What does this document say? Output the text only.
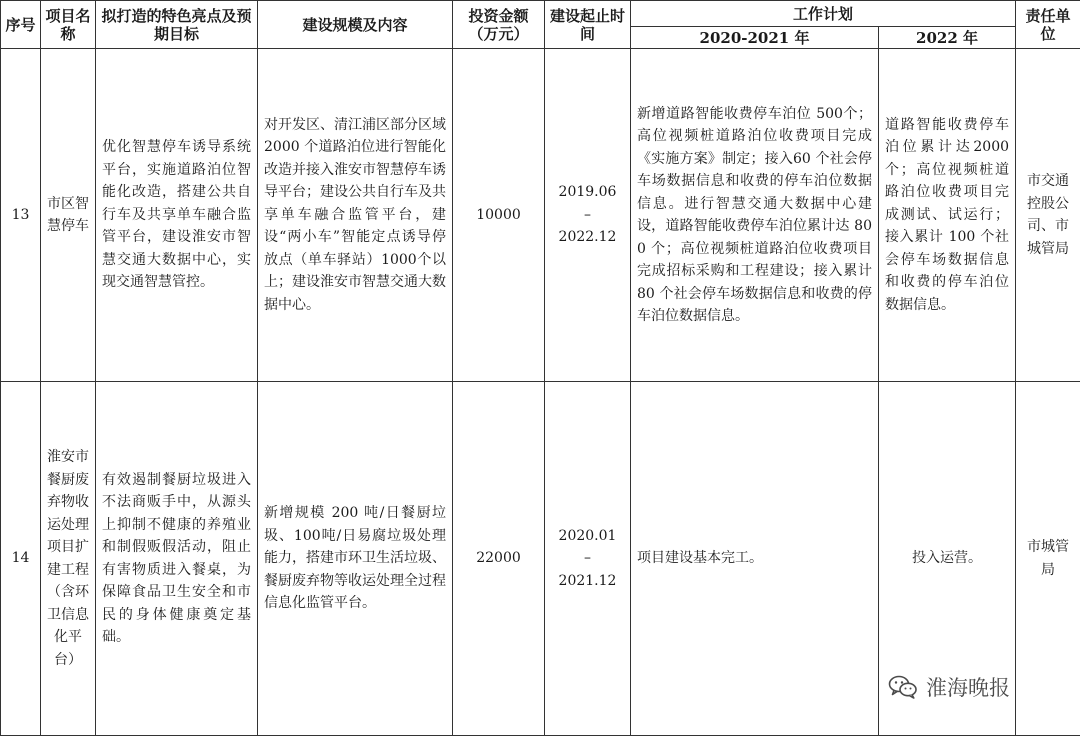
序号	项目名称	拟打造的特色亮点及预期目标	建设规模及内容	投资金额（万元）	建设起止时　间	工作计划		责任单位
						2020-2021 年	2022 年	
13	市区智慧停车	优化智慧停车诱导系统平台，实施道路泊位智能化改造，搭建公共自行车及共享单车融合监管平台，建设淮安市智慧交通大数据中心，实现交通智慧管控。	对开发区、清江浦区部分区域 2000 个道路泊位进行智能化改造并接入淮安市智慧停车诱导平台；建设公共自行车及共享单车融合监管平台，建设“两小车”智能定点诱导停放点（单车驿站）1000个以上；建设淮安市智慧交通大数据中心。	10000	2019.06
–
2022.12	新增道路智能收费停车泊位 500个；高位视频桩道路泊位收费项目完成《实施方案》制定；接入60 个社会停车场数据信息和收费的停车泊位数据信息。进行智慧交通大数据中心建设，道路智能收费停车泊位累计达 800 个；高位视频桩道路泊位收费项目完成招标采购和工程建设；接入累计 80 个社会停车场数据信息和收费的停车泊位数据信息。	道路智能收费停车泊位累计达2000 个；高位视频桩道路泊位收费项目完成测试、试运行；接入累计 100 个社会停车场数据信息和收费的停车泊位数据信息。	市交通控股公司、市城管局
14	淮安市餐厨废弃物收运处理项目扩建工程（含环卫信息化平台）	有效遏制餐厨垃圾进入不法商贩手中，从源头上抑制不健康的养殖业和制假贩假活动，阻止有害物质进入餐桌，为保障食品卫生安全和市民的身体健康奠定基础。	新增规模 200 吨/日餐厨垃圾、100吨/日易腐垃圾处理能力，搭建市环卫生活垃圾、餐厨废弃物等收运处理全过程信息化监管平台。	22000	2020.01
–
2021.12	项目建设基本完工。	投入运营。	市城管局
淮海晚报
